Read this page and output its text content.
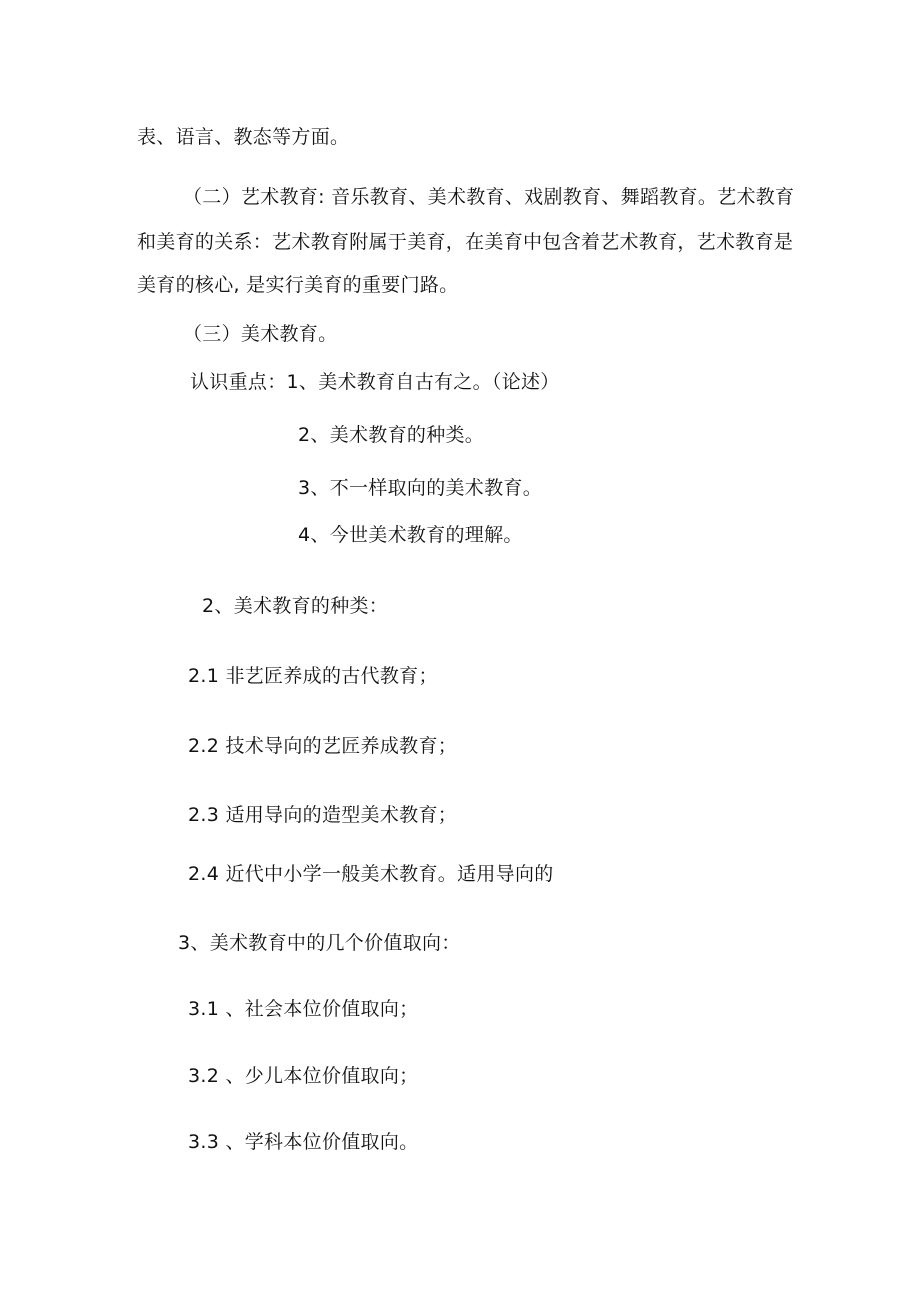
表、语言、教态等方面。
（二）艺术教育: 音乐教育、美术教育、戏剧教育、舞蹈教育。艺术教育
和美育的关系：艺术教育附属于美育，在美育中包含着艺术教育，艺术教育是
美育的核心, 是实行美育的重要门路。
（三）美术教育。
认识重点：1、美术教育自古有之。（论述）
2、美术教育的种类。
3、不一样取向的美术教育。
4、今世美术教育的理解。
2、美术教育的种类：
2.1 非艺匠养成的古代教育；
2.2 技术导向的艺匠养成教育；
2.3 适用导向的造型美术教育；
2.4 近代中小学一般美术教育。适用导向的
3、美术教育中的几个价值取向：
3.1 、社会本位价值取向；
3.2 、少儿本位价值取向；
3.3 、学科本位价值取向。
